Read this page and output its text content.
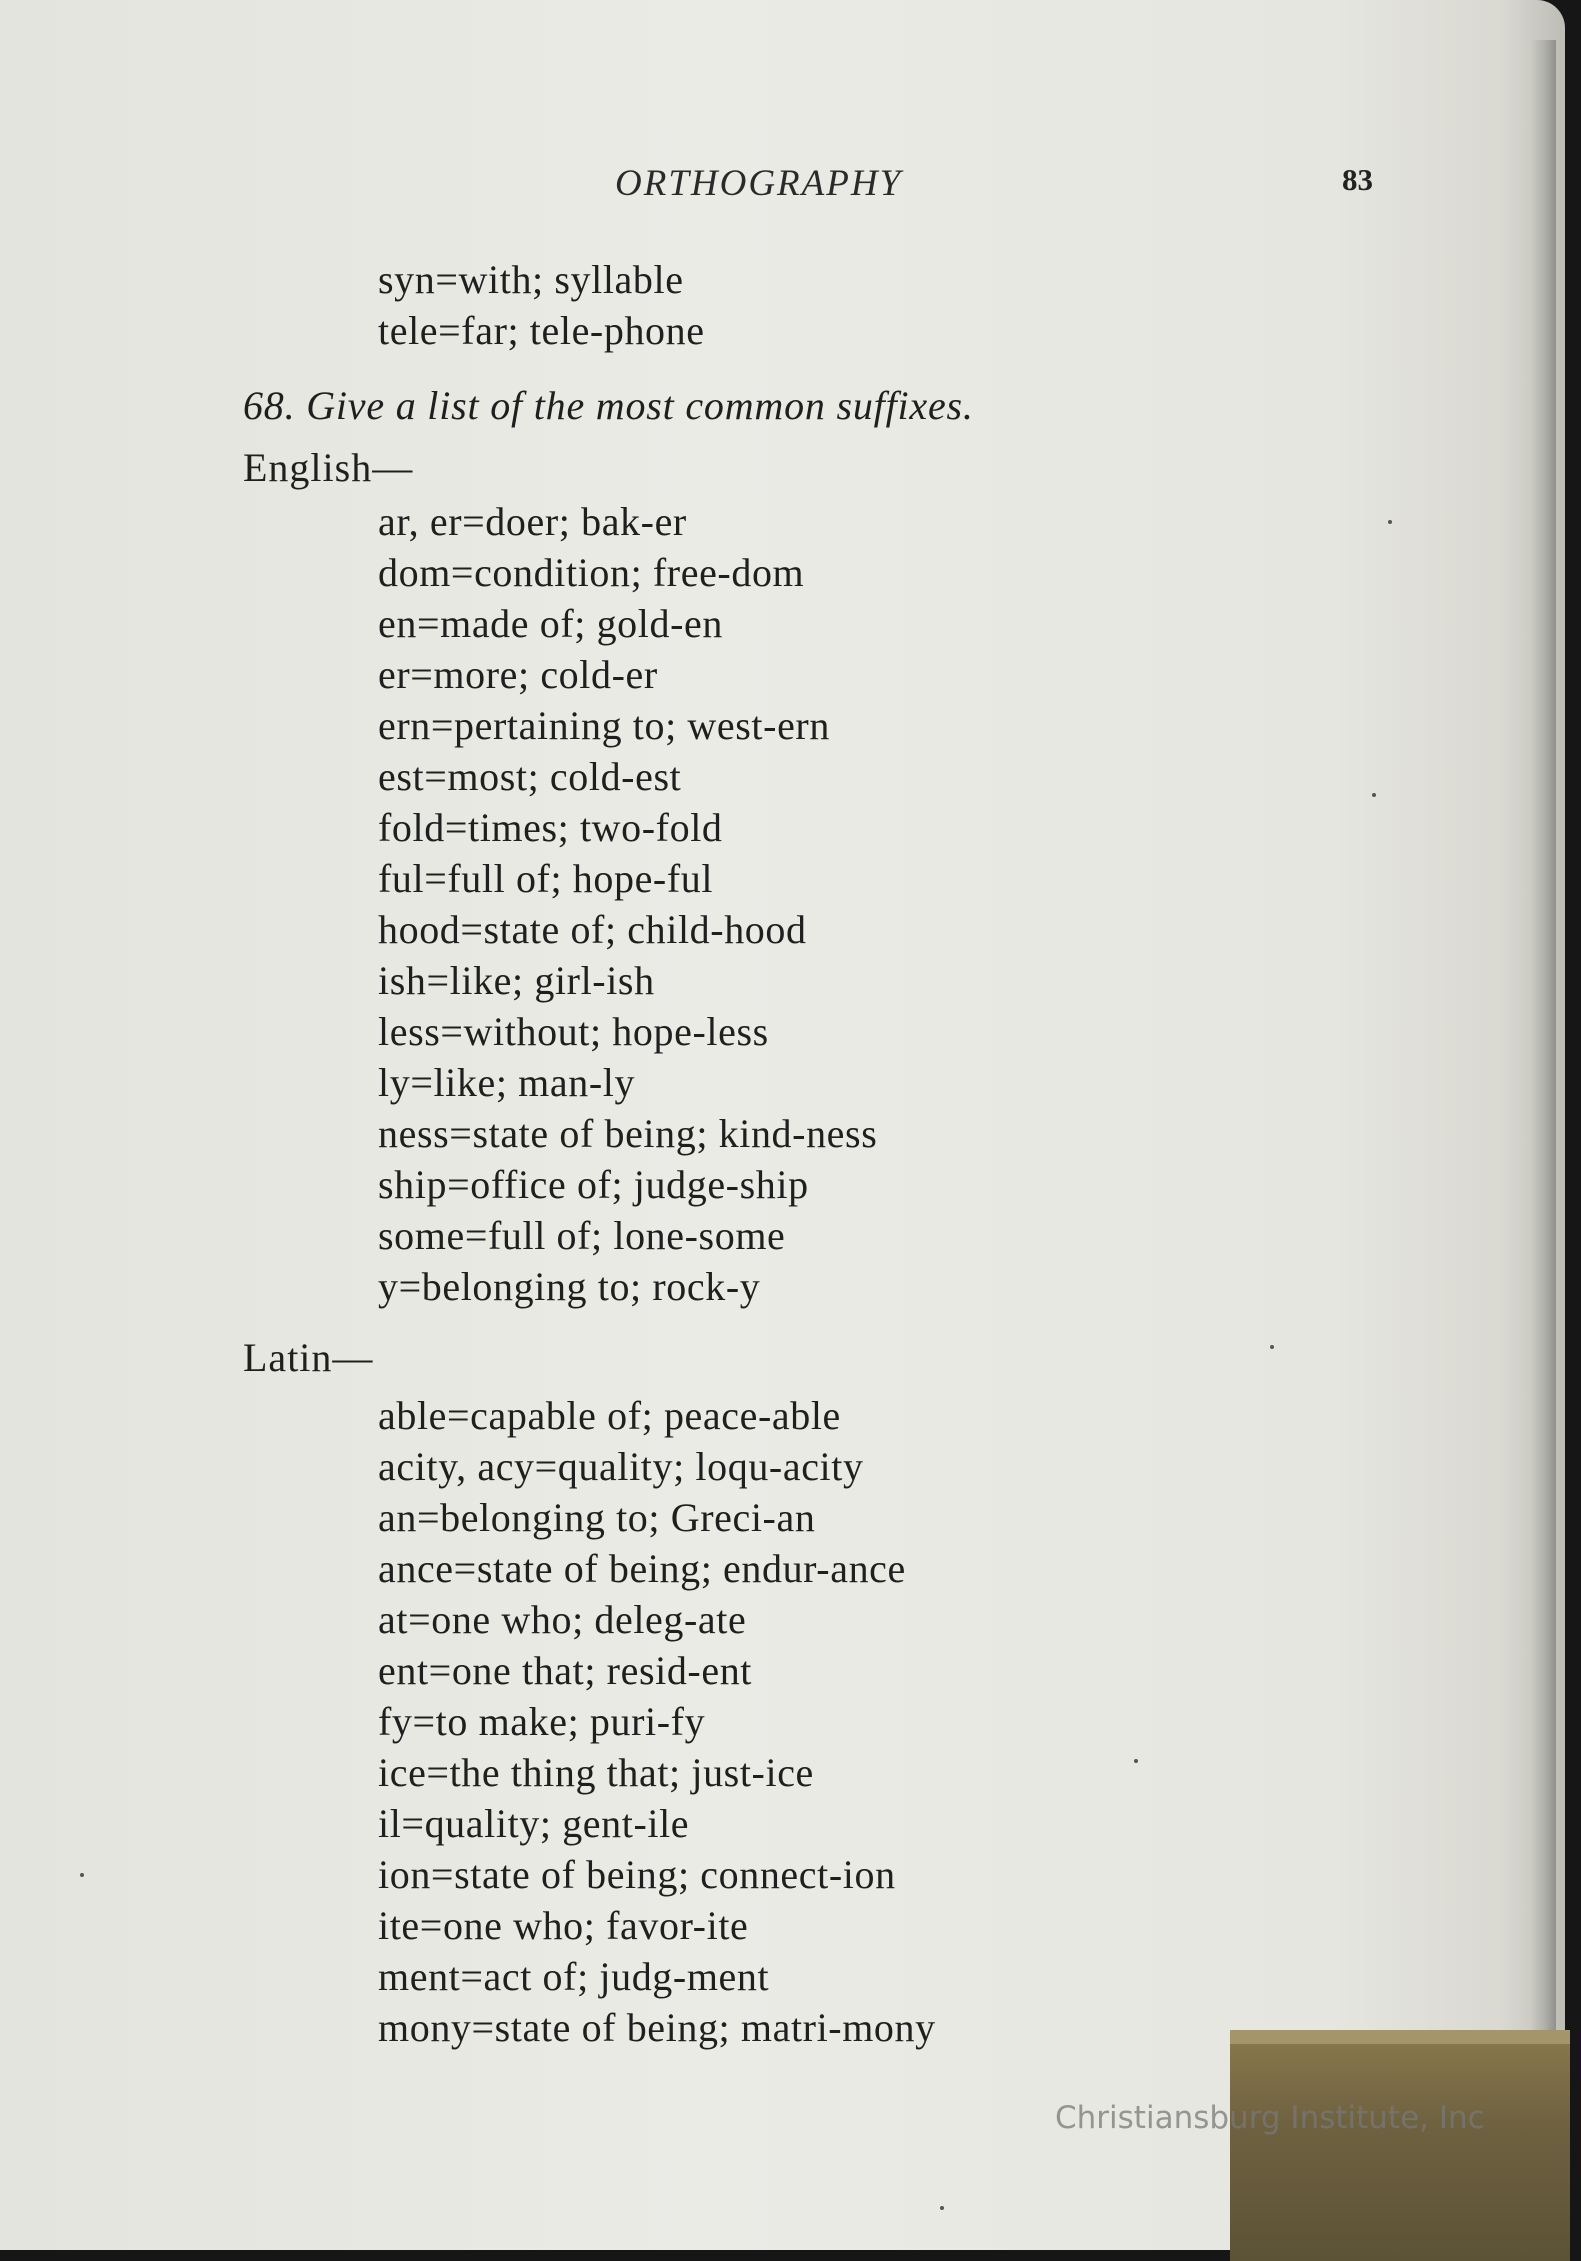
ORTHOGRAPHY	83
syn=with; syllable
tele=far; tele-phone
68. Give a list of the most common suffixes.
English—
ar, er=doer; bak-er
dom=condition; free-dom
en=made of; gold-en
er=more; cold-er
ern=pertaining to; west-ern
est=most; cold-est
fold=times; two-fold
ful=full of; hope-ful
hood=state of; child-hood
ish=like; girl-ish
less=without; hope-less
ly=like; man-ly
ness=state of being; kind-ness
ship=office of; judge-ship
some=full of; lone-some
y=belonging to; rock-y
Latin—
able=capable of; peace-able
acity, acy=quality; loqu-acity
an=belonging to; Greci-an
ance=state of being; endur-ance
at=one who; deleg-ate
ent=one that; resid-ent
fy=to make; puri-fy
ice=the thing that; just-ice
il=quality; gent-ile
ion=state of being; connect-ion
ite=one who; favor-ite
ment=act of; judg-ment
mony=state of being; matri-mony
Christiansburg Institute, Inc
